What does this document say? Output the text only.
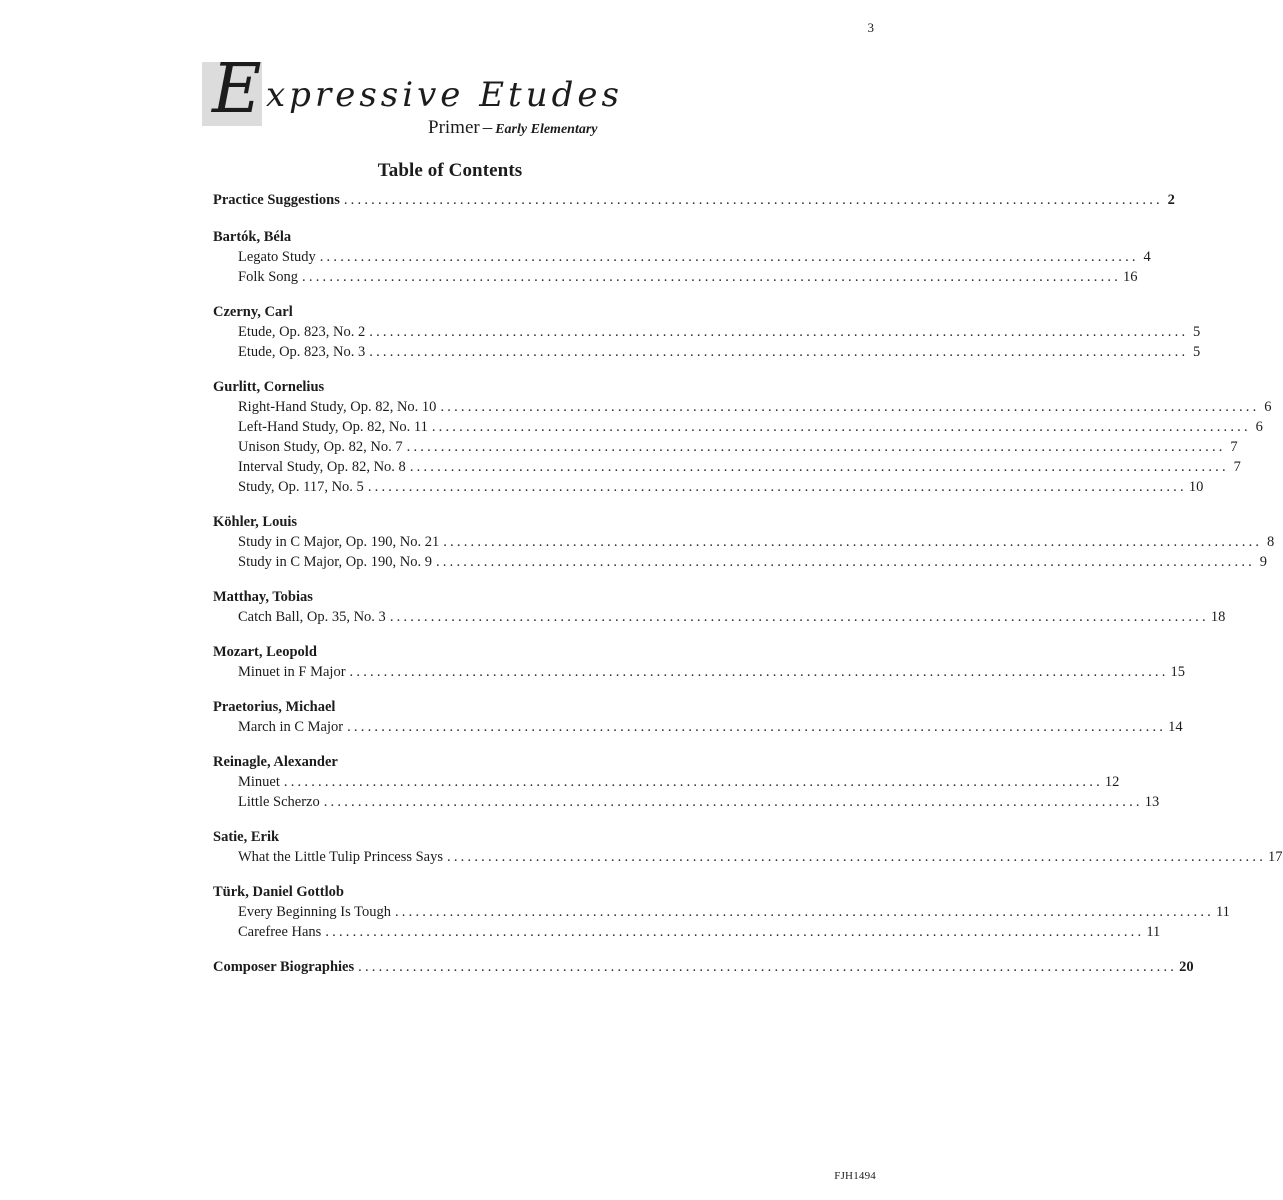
3
E xpressive Etudes
Primer – Early Elementary
Table of Contents
Practice Suggestions ........................................................................................................................ 2
Bartók, Béla
Legato Study ........................................................................................................................ 4
Folk Song ........................................................................................................................ 16
Czerny, Carl
Etude, Op. 823, No. 2 ........................................................................................................................ 5
Etude, Op. 823, No. 3 ........................................................................................................................ 5
Gurlitt, Cornelius
Right-Hand Study, Op. 82, No. 10 ........................................................................................................................ 6
Left-Hand Study, Op. 82, No. 11 ........................................................................................................................ 6
Unison Study, Op. 82, No. 7 ........................................................................................................................ 7
Interval Study, Op. 82, No. 8 ........................................................................................................................ 7
Study, Op. 117, No. 5 ........................................................................................................................ 10
Köhler, Louis
Study in C Major, Op. 190, No. 21 ........................................................................................................................ 8
Study in C Major, Op. 190, No. 9 ........................................................................................................................ 9
Matthay, Tobias
Catch Ball, Op. 35, No. 3 ........................................................................................................................ 18
Mozart, Leopold
Minuet in F Major ........................................................................................................................ 15
Praetorius, Michael
March in C Major ........................................................................................................................ 14
Reinagle, Alexander
Minuet ........................................................................................................................ 12
Little Scherzo ........................................................................................................................ 13
Satie, Erik
What the Little Tulip Princess Says ........................................................................................................................ 17
Türk, Daniel Gottlob
Every Beginning Is Tough ........................................................................................................................ 11
Carefree Hans ........................................................................................................................ 11
Composer Biographies ........................................................................................................................ 20
FJH1494
